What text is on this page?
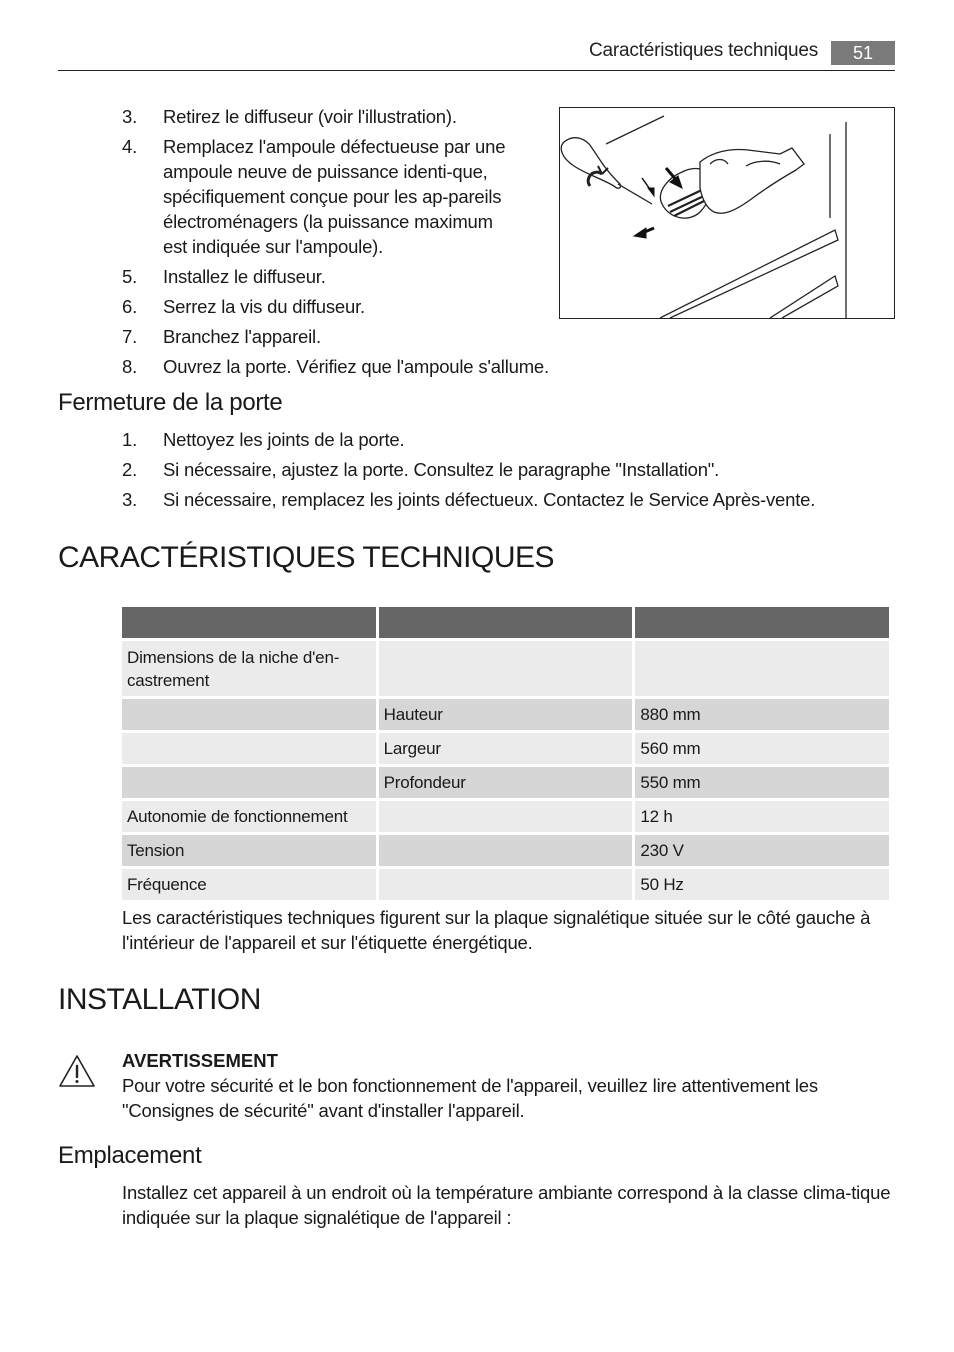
Caractéristiques techniques	51
3.	Retirez le diffuseur (voir l'illustration).
4.	Remplacez l'ampoule défectueuse par une ampoule neuve de puissance identi-que, spécifiquement conçue pour les ap-pareils électroménagers (la puissance maximum est indiquée sur l'ampoule).
5.	Installez le diffuseur.
6.	Serrez la vis du diffuseur.
7.	Branchez l'appareil.
8.	Ouvrez la porte. Vérifiez que l'ampoule s'allume.
Fermeture de la porte
1.	Nettoyez les joints de la porte.
2.	Si nécessaire, ajustez la porte. Consultez le paragraphe "Installation".
3.	Si nécessaire, remplacez les joints défectueux. Contactez le Service Après-vente.
CARACTÉRISTIQUES TECHNIQUES

Dimensions de la niche d'en-castrement		
	Hauteur	880 mm
	Largeur	560 mm
	Profondeur	550 mm
Autonomie de fonctionnement		12 h
Tension		230 V
Fréquence		50 Hz
Les caractéristiques techniques figurent sur la plaque signalétique située sur le côté gauche à l'intérieur de l'appareil et sur l'étiquette énergétique.
INSTALLATION
AVERTISSEMENT
Pour votre sécurité et le bon fonctionnement de l'appareil, veuillez lire attentivement les "Consignes de sécurité" avant d'installer l'appareil.
Emplacement
Installez cet appareil à un endroit où la température ambiante correspond à la classe clima-tique indiquée sur la plaque signalétique de l'appareil :
